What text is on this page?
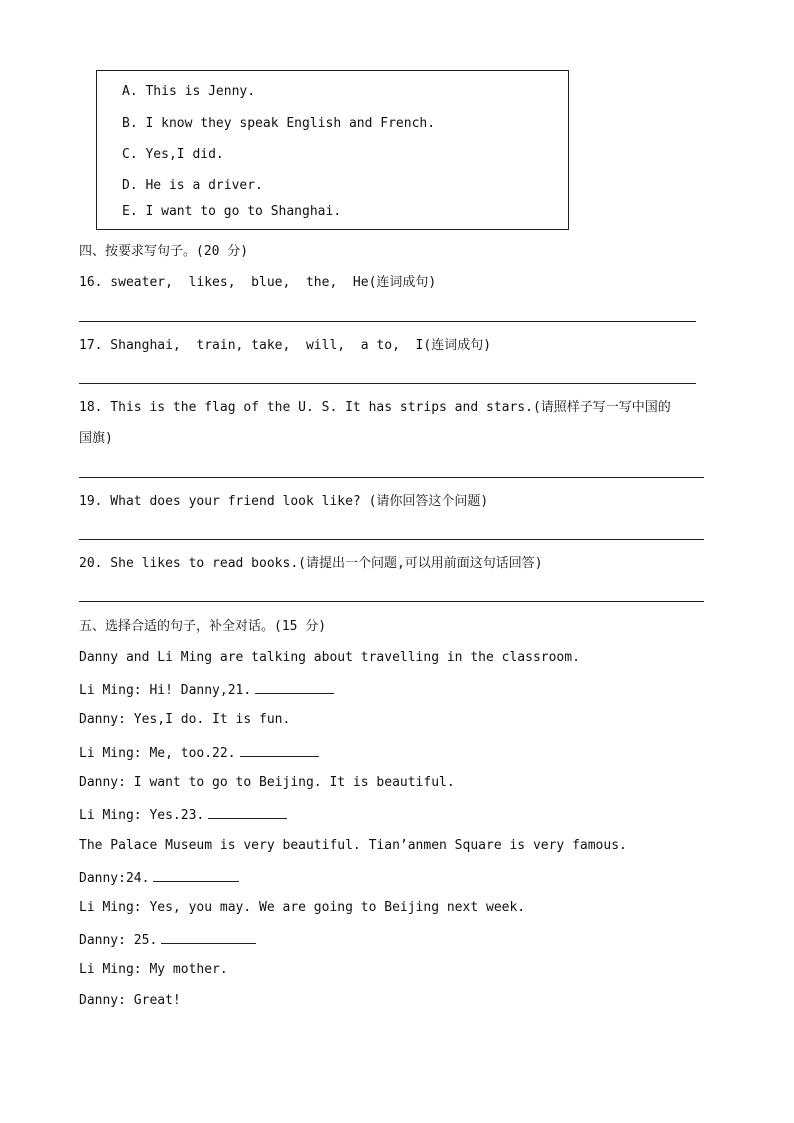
A. This is Jenny.
B. I know they speak English and French.
C. Yes,I did.
D. He is a driver.
E. I want to go to Shanghai.
四、按要求写句子。(20 分)
16. sweater,  likes,  blue,  the,  He(连词成句)
17. Shanghai,  train, take,  will,  a to,  I(连词成句)
18. This is the flag of the U. S. It has strips and stars.(请照样子写一写中国的
国旗)
19. What does your friend look like? (请你回答这个问题)
20. She likes to read books.(请提出一个问题,可以用前面这句话回答)
五、选择合适的句子，补全对话。(15 分)
Danny and Li Ming are talking about travelling in the classroom.
Li Ming: Hi! Danny,21.
Danny: Yes,I do. It is fun.
Li Ming: Me, too.22.
Danny: I want to go to Beijing. It is beautiful.
Li Ming: Yes.23.
The Palace Museum is very beautiful. Tian’anmen Square is very famous.
Danny:24.
Li Ming: Yes, you may. We are going to Beijing next week.
Danny: 25.
Li Ming: My mother.
Danny: Great!
